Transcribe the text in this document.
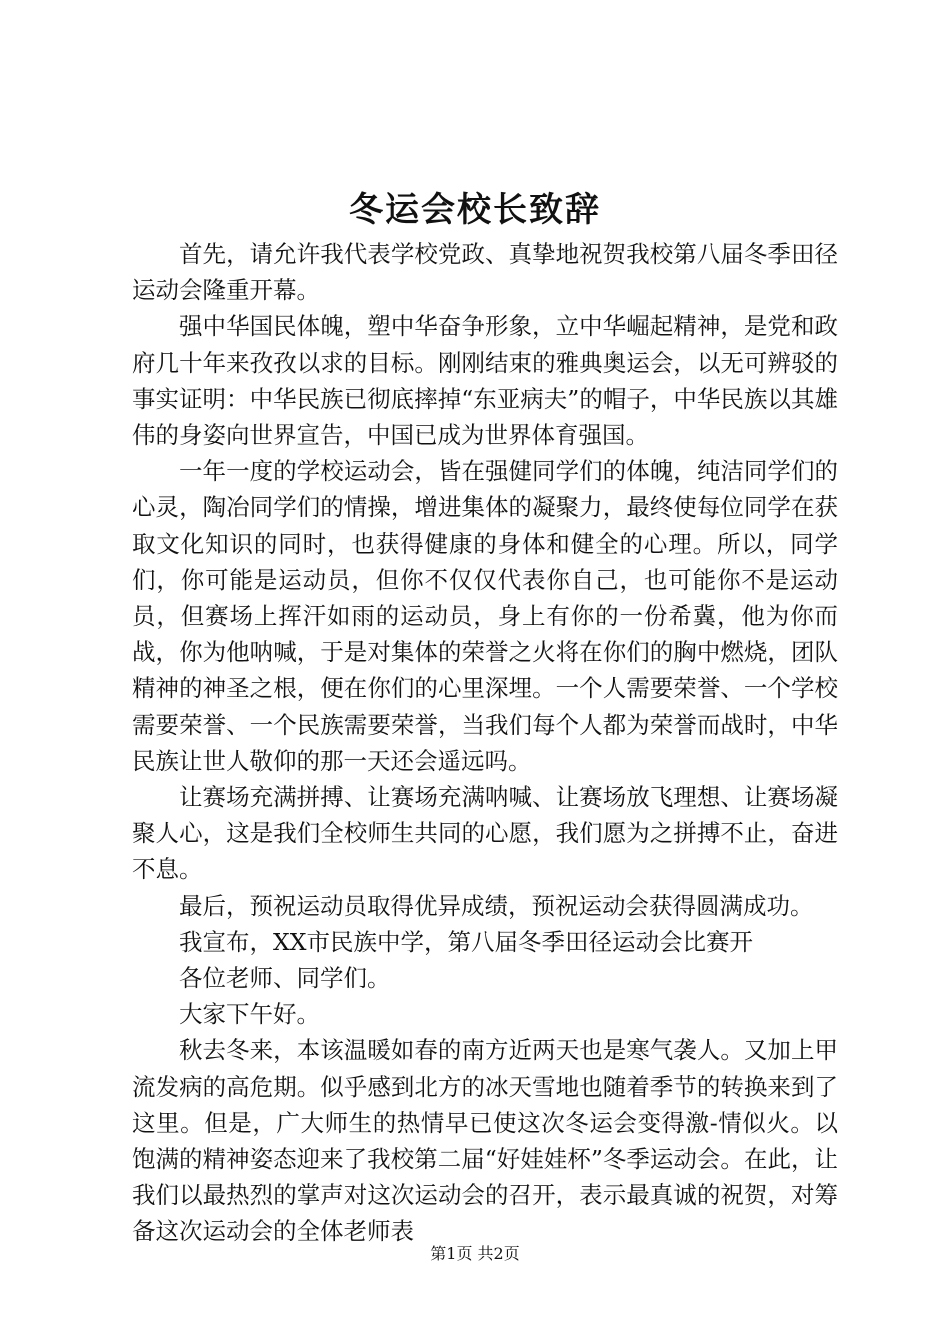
冬运会校长致辞

首先，请允许我代表学校党政、真挚地祝贺我校第八届冬季田径运动会隆重开幕。

强中华国民体魄，塑中华奋争形象，立中华崛起精神，是党和政府几十年来孜孜以求的目标。刚刚结束的雅典奥运会，以无可辨驳的事实证明：中华民族已彻底摔掉“东亚病夫”的帽子，中华民族以其雄伟的身姿向世界宣告，中国已成为世界体育强国。

一年一度的学校运动会，皆在强健同学们的体魄，纯洁同学们的心灵，陶冶同学们的情操，增进集体的凝聚力，最终使每位同学在获取文化知识的同时，也获得健康的身体和健全的心理。所以，同学们，你可能是运动员，但你不仅仅代表你自己，也可能你不是运动员，但赛场上挥汗如雨的运动员，身上有你的一份希冀，他为你而战，你为他呐喊，于是对集体的荣誉之火将在你们的胸中燃烧，团队精神的神圣之根，便在你们的心里深埋。一个人需要荣誉、一个学校需要荣誉、一个民族需要荣誉，当我们每个人都为荣誉而战时，中华民族让世人敬仰的那一天还会遥远吗。

让赛场充满拼搏、让赛场充满呐喊、让赛场放飞理想、让赛场凝聚人心，这是我们全校师生共同的心愿，我们愿为之拼搏不止，奋进不息。

最后，预祝运动员取得优异成绩，预祝运动会获得圆满成功。

我宣布，XX市民族中学，第八届冬季田径运动会比赛开

各位老师、同学们。

大家下午好。

秋去冬来，本该温暖如春的南方近两天也是寒气袭人。又加上甲流发病的高危期。似乎感到北方的冰天雪地也随着季节的转换来到了这里。但是，广大师生的热情早已使这次冬运会变得激-情似火。以饱满的精神姿态迎来了我校第二届“好娃娃杯”冬季运动会。在此，让我们以最热烈的掌声对这次运动会的召开，表示最真诚的祝贺，对筹备这次运动会的全体老师表

第1页 共2页
